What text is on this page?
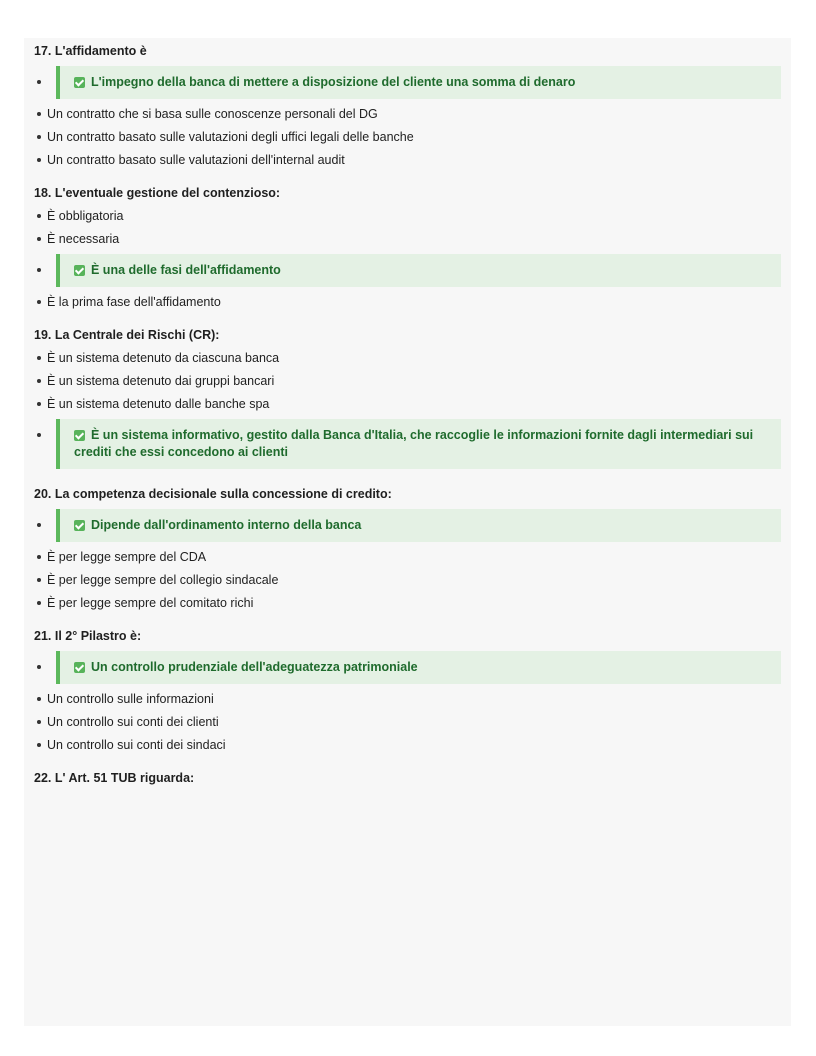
17. L'affidamento è
L'impegno della banca di mettere a disposizione del cliente una somma di denaro
Un contratto che si basa sulle conoscenze personali del DG
Un contratto basato sulle valutazioni degli uffici legali delle banche
Un contratto basato sulle valutazioni dell'internal audit
18. L'eventuale gestione del contenzioso:
È obbligatoria
È necessaria
È una delle fasi dell'affidamento
È la prima fase dell'affidamento
19. La Centrale dei Rischi (CR):
È un sistema detenuto da ciascuna banca
È un sistema detenuto dai gruppi bancari
È un sistema detenuto dalle banche spa
È un sistema informativo, gestito dalla Banca d'Italia, che raccoglie le informazioni fornite dagli intermediari sui crediti che essi concedono ai clienti
20. La competenza decisionale sulla concessione di credito:
Dipende dall'ordinamento interno della banca
È per legge sempre del CDA
È per legge sempre del collegio sindacale
È per legge sempre del comitato richi
21. Il 2° Pilastro è:
Un controllo prudenziale dell'adeguatezza patrimoniale
Un controllo sulle informazioni
Un controllo sui conti dei clienti
Un controllo sui conti dei sindaci
22. L' Art. 51 TUB riguarda:
